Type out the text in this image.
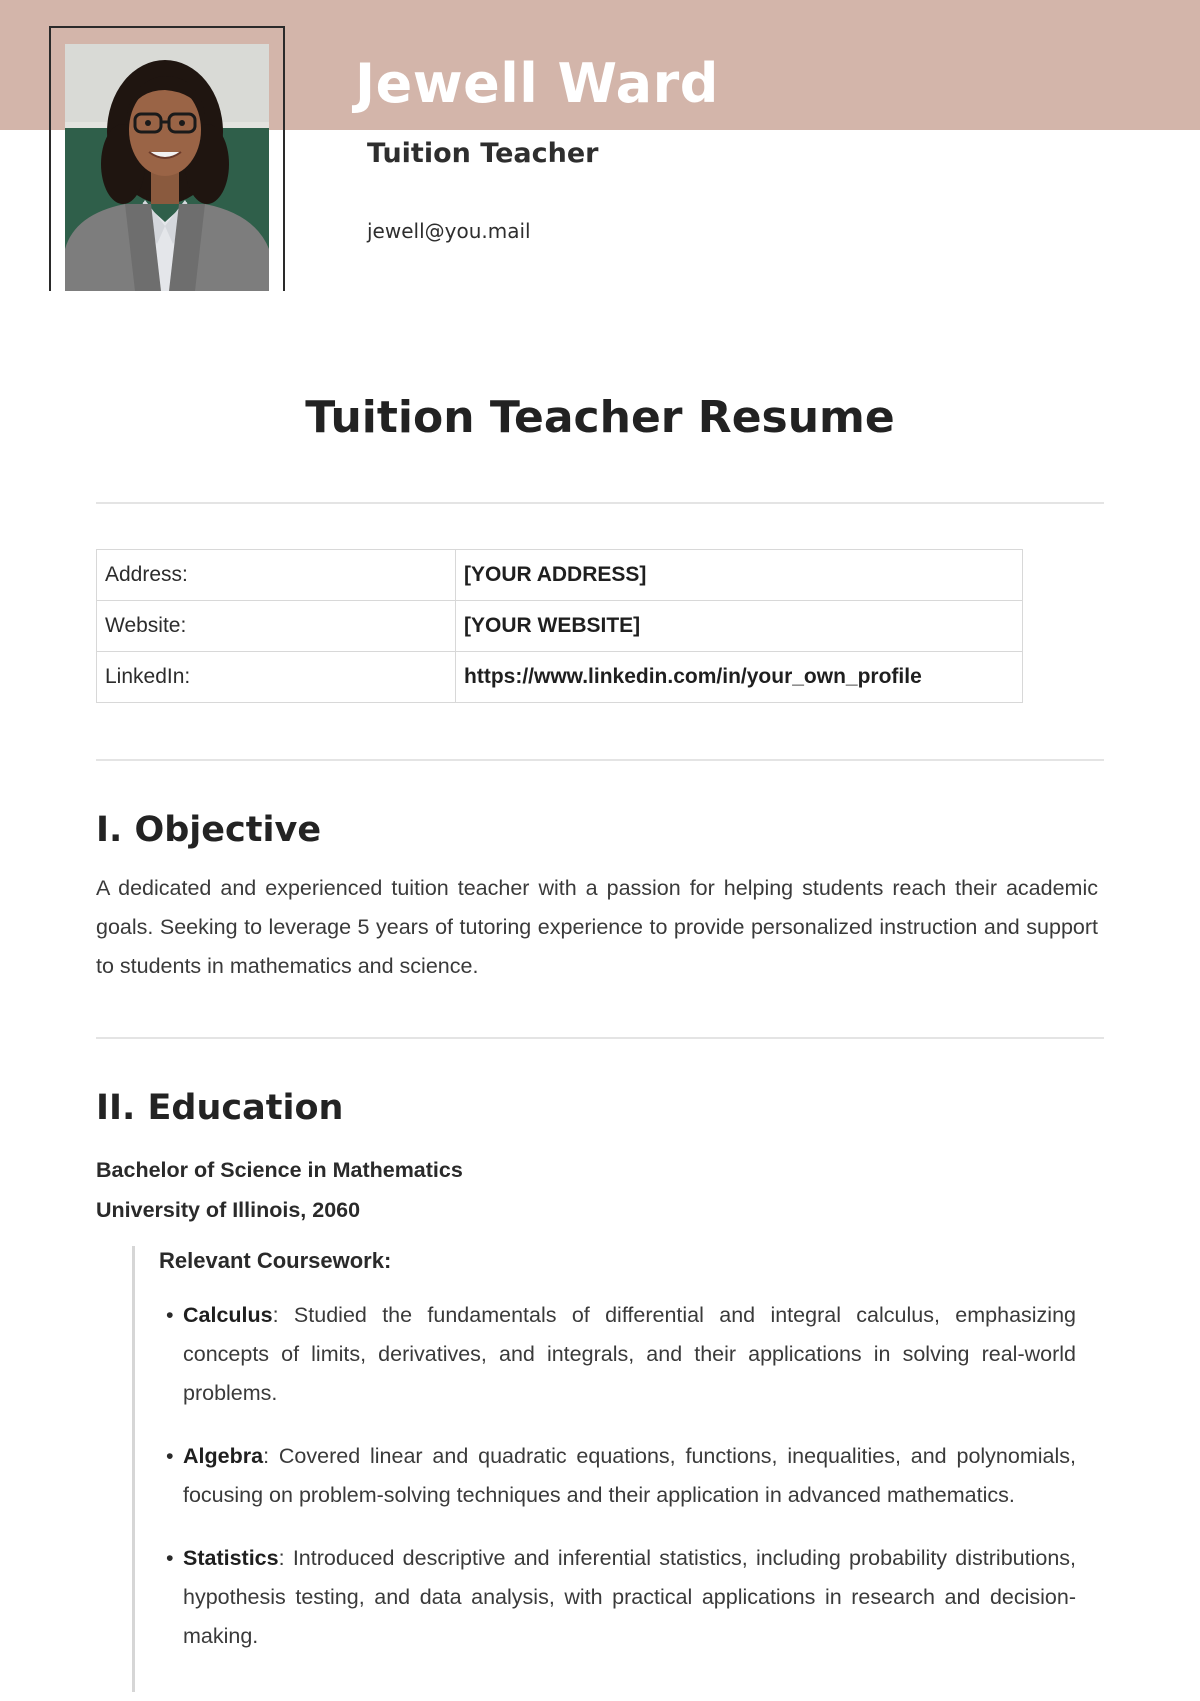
Jewell Ward
Tuition Teacher
jewell@you.mail
Tuition Teacher Resume
Address:	[YOUR ADDRESS]
Website:	[YOUR WEBSITE]
LinkedIn:	https://www.linkedin.com/in/your_own_profile
I. Objective

A dedicated and experienced tuition teacher with a passion for helping students reach their academic goals. Seeking to leverage 5 years of tutoring experience to provide personalized instruction and support to students in mathematics and science.

II. Education
Bachelor of Science in Mathematics
University of Illinois, 2060
Relevant Coursework:
• Calculus: Studied the fundamentals of differential and integral calculus, emphasizing concepts of limits, derivatives, and integrals, and their applications in solving real-world problems.
• Algebra: Covered linear and quadratic equations, functions, inequalities, and polynomials, focusing on problem-solving techniques and their application in advanced mathematics.
• Statistics: Introduced descriptive and inferential statistics, including probability distributions, hypothesis testing, and data analysis, with practical applications in research and decision-making.
